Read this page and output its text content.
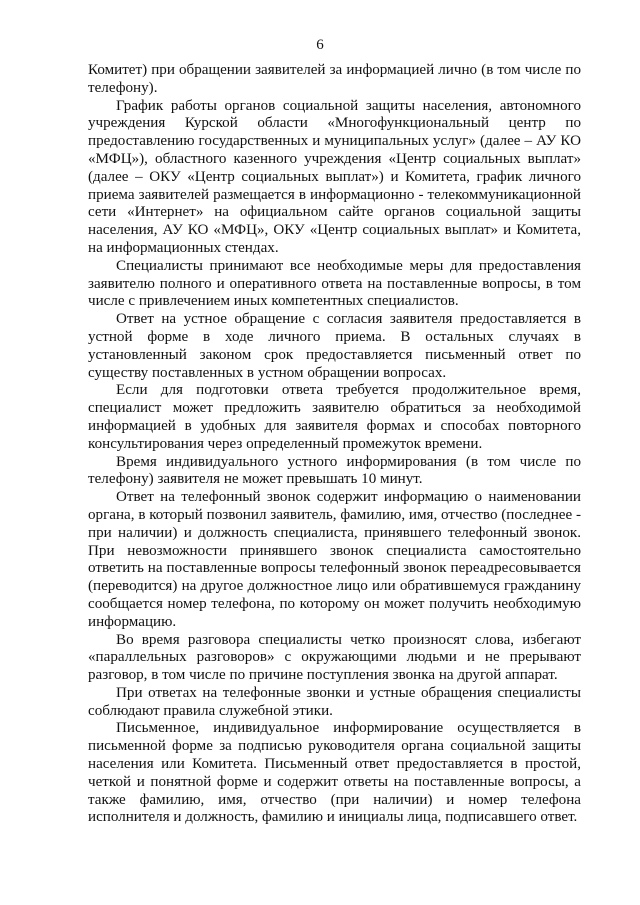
6

Комитет) при обращении заявителей за информацией лично (в том числе по телефону).

График работы органов социальной защиты населения, автономного учреждения Курской области «Многофункциональный центр по предоставлению государственных и муниципальных услуг» (далее – АУ КО «МФЦ»), областного казенного учреждения «Центр социальных выплат» (далее – ОКУ «Центр социальных выплат») и Комитета, график личного приема заявителей размещается в информационно - телекоммуникационной сети «Интернет» на официальном сайте органов социальной защиты населения, АУ КО «МФЦ», ОКУ «Центр социальных выплат» и Комитета, на информационных стендах.

Специалисты принимают все необходимые меры для предоставления заявителю полного и оперативного ответа на поставленные вопросы, в том числе с привлечением иных компетентных специалистов.

Ответ на устное обращение с согласия заявителя предоставляется в устной форме в ходе личного приема. В остальных случаях в установленный законом срок предоставляется письменный ответ по существу поставленных в устном обращении вопросах.

Если для подготовки ответа требуется продолжительное время, специалист может предложить заявителю обратиться за необходимой информацией в удобных для заявителя формах и способах повторного консультирования через определенный промежуток времени.

Время индивидуального устного информирования (в том числе по телефону) заявителя не может превышать 10 минут.

Ответ на телефонный звонок содержит информацию о наименовании органа, в который позвонил заявитель, фамилию, имя, отчество (последнее - при наличии) и должность специалиста, принявшего телефонный звонок. При невозможности принявшего звонок специалиста самостоятельно ответить на поставленные вопросы телефонный звонок переадресовывается (переводится) на другое должностное лицо или обратившемуся гражданину сообщается номер телефона, по которому он может получить необходимую информацию.

Во время разговора специалисты четко произносят слова, избегают «параллельных разговоров» с окружающими людьми и не прерывают разговор, в том числе по причине поступления звонка на другой аппарат.

При ответах на телефонные звонки и устные обращения специалисты соблюдают правила служебной этики.

Письменное, индивидуальное информирование осуществляется в письменной форме за подписью руководителя органа социальной защиты населения или Комитета. Письменный ответ предоставляется в простой, четкой и понятной форме и содержит ответы на поставленные вопросы, а также фамилию, имя, отчество (при наличии) и номер телефона исполнителя и должность, фамилию и инициалы лица, подписавшего ответ.
